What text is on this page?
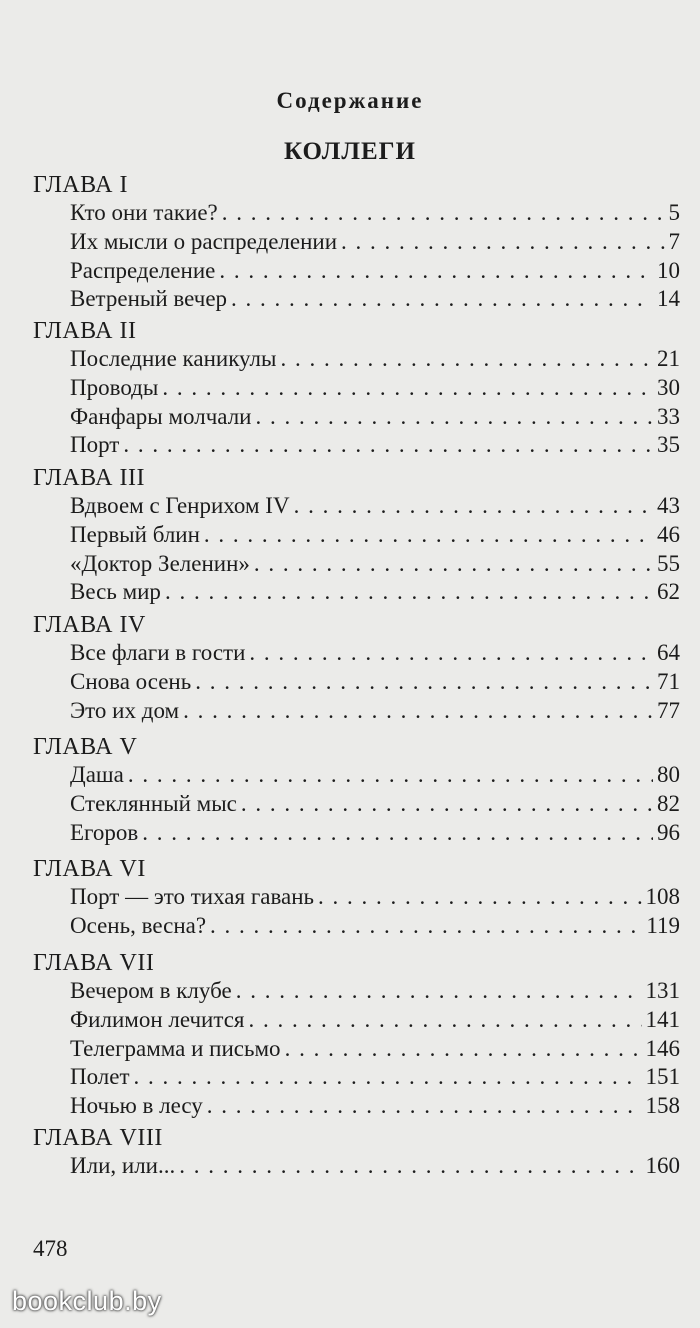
Содержание
КОЛЛЕГИ
ГЛАВА I
Кто они такие? . . .	5
Их мысли о распределении . . .	7
Распределение . . .	10
Ветреный вечер . . .	14
ГЛАВА II
Последние каникулы . . .	21
Проводы . . .	30
Фанфары молчали . . .	33
Порт . . .	35
ГЛАВА III
Вдвоем с Генрихом IV . . .	43
Первый блин . . .	46
«Доктор Зеленин» . . .	55
Весь мир . . .	62
ГЛАВА IV
Все флаги в гости . . .	64
Снова осень . . .	71
Это их дом . . .	77
ГЛАВА V
Даша . . .	80
Стеклянный мыс . . .	82
Егоров . . .	96
ГЛАВА VI
Порт — это тихая гавань . . .	108
Осень, весна? . . .	119
ГЛАВА VII
Вечером в клубе . . .	131
Филимон лечится . . .	141
Телеграмма и письмо . . .	146
Полет . . .	151
Ночью в лесу . . .	158
ГЛАВА VIII
Или, или... . . .	160
478
bookclub.by
